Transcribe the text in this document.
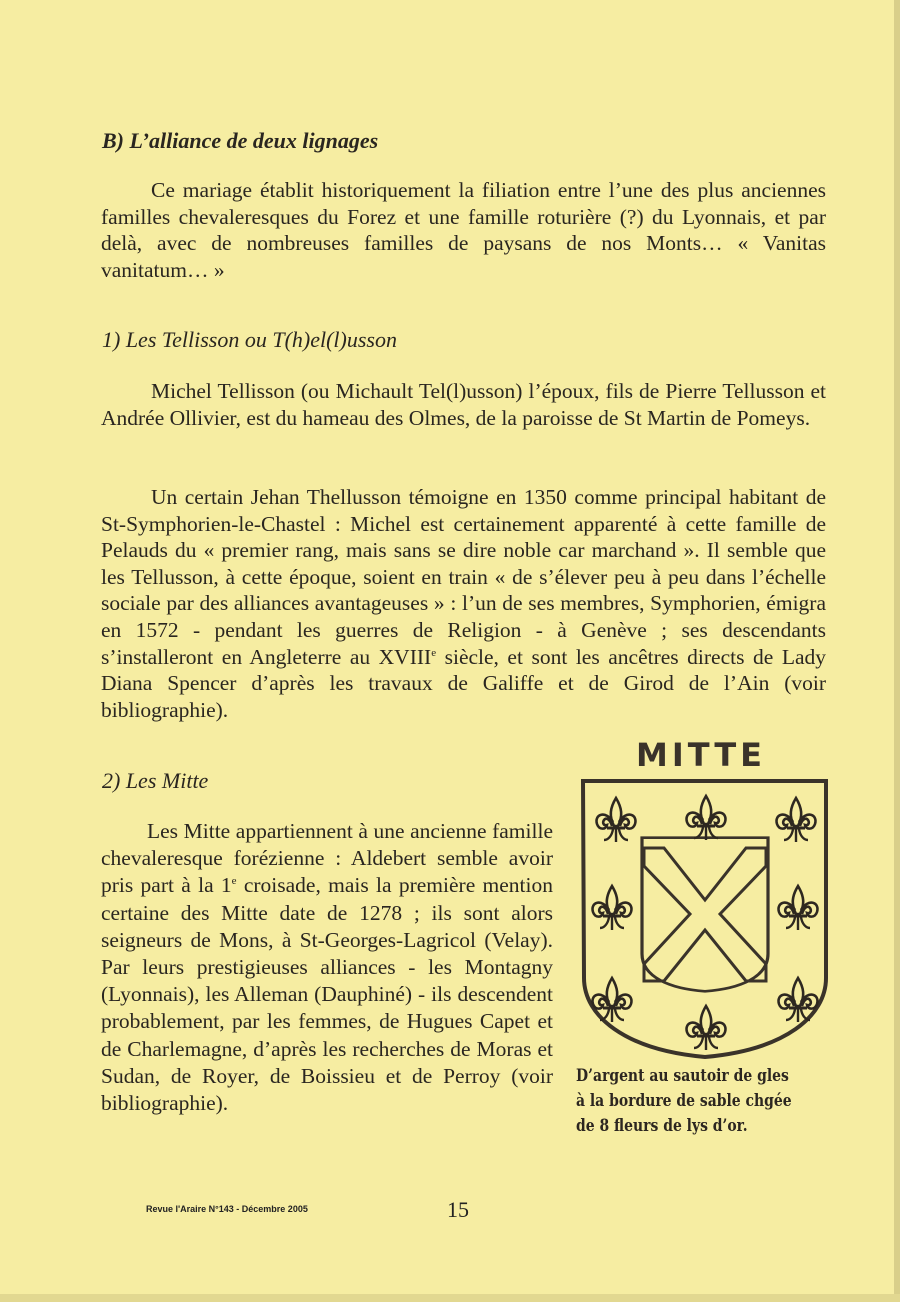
B) L’alliance de deux lignages

Ce mariage établit historiquement la filiation entre l’une des plus anciennes familles chevaleresques du Forez et une famille roturière (?) du Lyonnais, et par delà, avec de nombreuses familles de paysans de nos Monts… « Vanitas vanitatum… »

1) Les Tellisson ou T(h)el(l)usson

Michel Tellisson (ou Michault Tel(l)usson) l’époux, fils de Pierre Tellusson et Andrée Ollivier, est du hameau des Olmes, de la paroisse de St Martin de Pomeys.

Un certain Jehan Thellusson témoigne en 1350 comme principal habitant de St-Symphorien-le-Chastel : Michel est certainement apparenté à cette famille de Pelauds du « premier rang, mais sans se dire noble car marchand ». Il semble que les Tellusson, à cette époque, soient en train « de s’élever peu à peu dans l’échelle sociale par des alliances avantageuses » : l’un de ses membres, Symphorien, émigra en 1572 - pendant les guerres de Religion - à Genève ; ses descendants s’installeront en Angleterre au XVIIIe siècle, et sont les ancêtres directs de Lady Diana Spencer d’après les travaux de Galiffe et de Girod de l’Ain (voir bibliographie).

2) Les Mitte

Les Mitte appartiennent à une ancienne famille chevaleresque forézienne : Aldebert semble avoir pris part à la 1e croisade, mais la première mention certaine des Mitte date de 1278 ; ils sont alors seigneurs de Mons, à St-Georges-Lagricol (Velay). Par leurs prestigieuses alliances - les Montagny (Lyonnais), les Alleman (Dauphiné) - ils descendent probablement, par les femmes, de Hugues Capet et de Charlemagne, d’après les recherches de Moras et Sudan, de Royer, de Boissieu et de Perroy (voir bibliographie).

MITTE
D’argent au sautoir de gles
à la bordure de sable chgée
de 8 fleurs de lys d’or.
Revue l'Araire N°143 - Décembre 2005	15
